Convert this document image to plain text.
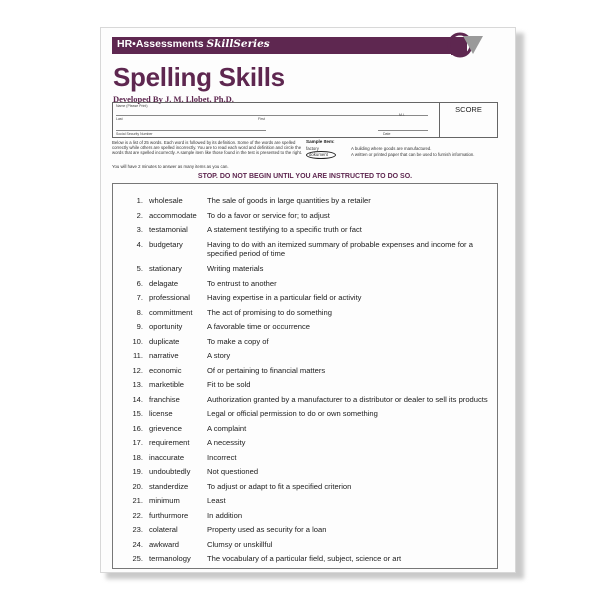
HR•Assessments SkillSeries
Spelling Skills
Developed By J. M. Llobet, Ph.D.
Name (Please Print)
Last	First
M.I.
Social Security Number	Date
SCORE
Below is a list of 25 words. Each word is followed by its definition. Some of the words are spelled correctly while others are spelled incorrectly. You are to read each word and definition and circle the words that are spelled incorrectly. A sample item like those found in the test is presented to the right.
You will have 2 minutes to answer as many items as you can.
Sample Item:
factory	A building where goods are manufactured.
dokument	A written or printed paper that can be used to furnish information.
STOP. DO NOT BEGIN UNTIL YOU ARE INSTRUCTED TO DO SO.
1. wholesale	The sale of goods in large quantities by a retailer
2. accommodate To do a favor or service for; to adjust
3. testamonial	A statement testifying to a specific truth or fact
4. budgetary	Having to do with an itemized summary of probable expenses and income for a specified period of time
5. stationary	Writing materials
6. delagate	To entrust to another
7. professional Having expertise in a particular field or activity
8. committment The act of promising to do something
9. oportunity	A favorable time or occurrence
10. duplicate	To make a copy of
11. narrative	A story
12. economic	Of or pertaining to financial matters
13. marketible	Fit to be sold
14. franchise	Authorization granted by a manufacturer to a distributor or dealer to sell its products
15. license	Legal or official permission to do or own something
16. grievence	A complaint
17. requirement A necessity
18. inaccurate	Incorrect
19. undoubtedly Not questioned
20. standerdize To adjust or adapt to fit a specified criterion
21. minimum	Least
22. furthurmore In addition
23. colateral	Property used as security for a loan
24. awkward	Clumsy or unskillful
25. termanology The vocabulary of a particular field, subject, science or art
